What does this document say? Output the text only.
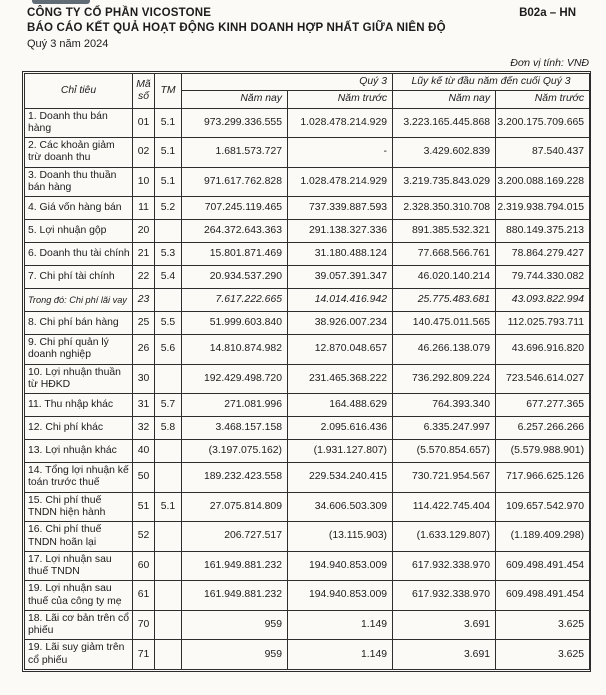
CÔNG TY CỔ PHẦN VICOSTONE	B02a – HN
BÁO CÁO KẾT QUẢ HOẠT ĐỘNG KINH DOANH HỢP NHẤT GIỮA NIÊN ĐỘ
Quý 3 năm 2024
Đơn vị tính: VNĐ
Chỉ tiêu	Mã số	TM	Quý 3		Lũy kế từ đầu năm đến cuối Quý 3	
			Năm nay	Năm trước	Năm nay	Năm trước
1. Doanh thu bán hàng	01	5.1	973.299.336.555	1.028.478.214.929	3.223.165.445.868	3.200.175.709.665
2. Các khoản giảm trừ doanh thu	02	5.1	1.681.573.727	-	3.429.602.839	87.540.437
3. Doanh thu thuần bán hàng	10	5.1	971.617.762.828	1.028.478.214.929	3.219.735.843.029	3.200.088.169.228
4. Giá vốn hàng bán	11	5.2	707.245.119.465	737.339.887.593	2.328.350.310.708	2.319.938.794.015
5. Lợi nhuận gộp	20		264.372.643.363	291.138.327.336	891.385.532.321	880.149.375.213
6. Doanh thu tài chính	21	5.3	15.801.871.469	31.180.488.124	77.668.566.761	78.864.279.427
7. Chi phí tài chính	22	5.4	20.934.537.290	39.057.391.347	46.020.140.214	79.744.330.082
Trong đó: Chi phí lãi vay	23		7.617.222.665	14.014.416.942	25.775.483.681	43.093.822.994
8. Chi phí bán hàng	25	5.5	51.999.603.840	38.926.007.234	140.475.011.565	112.025.793.711
9. Chi phí quản lý doanh nghiệp	26	5.6	14.810.874.982	12.870.048.657	46.266.138.079	43.696.916.820
10. Lợi nhuận thuần từ HĐKD	30		192.429.498.720	231.465.368.222	736.292.809.224	723.546.614.027
11. Thu nhập khác	31	5.7	271.081.996	164.488.629	764.393.340	677.277.365
12. Chi phí khác	32	5.8	3.468.157.158	2.095.616.436	6.335.247.997	6.257.266.266
13. Lợi nhuận khác	40		(3.197.075.162)	(1.931.127.807)	(5.570.854.657)	(5.579.988.901)
14. Tổng lợi nhuận kế toán trước thuế	50		189.232.423.558	229.534.240.415	730.721.954.567	717.966.625.126
15. Chi phí thuế TNDN hiện hành	51	5.1	27.075.814.809	34.606.503.309	114.422.745.404	109.657.542.970
16. Chi phí thuế TNDN hoãn lại	52		206.727.517	(13.115.903)	(1.633.129.807)	(1.189.409.298)
17. Lợi nhuận sau thuế TNDN	60		161.949.881.232	194.940.853.009	617.932.338.970	609.498.491.454
19. Lợi nhuận sau thuế của công ty mẹ	61		161.949.881.232	194.940.853.009	617.932.338.970	609.498.491.454
18. Lãi cơ bản trên cổ phiếu	70		959	1.149	3.691	3.625
19. Lãi suy giảm trên cổ phiếu	71		959	1.149	3.691	3.625
